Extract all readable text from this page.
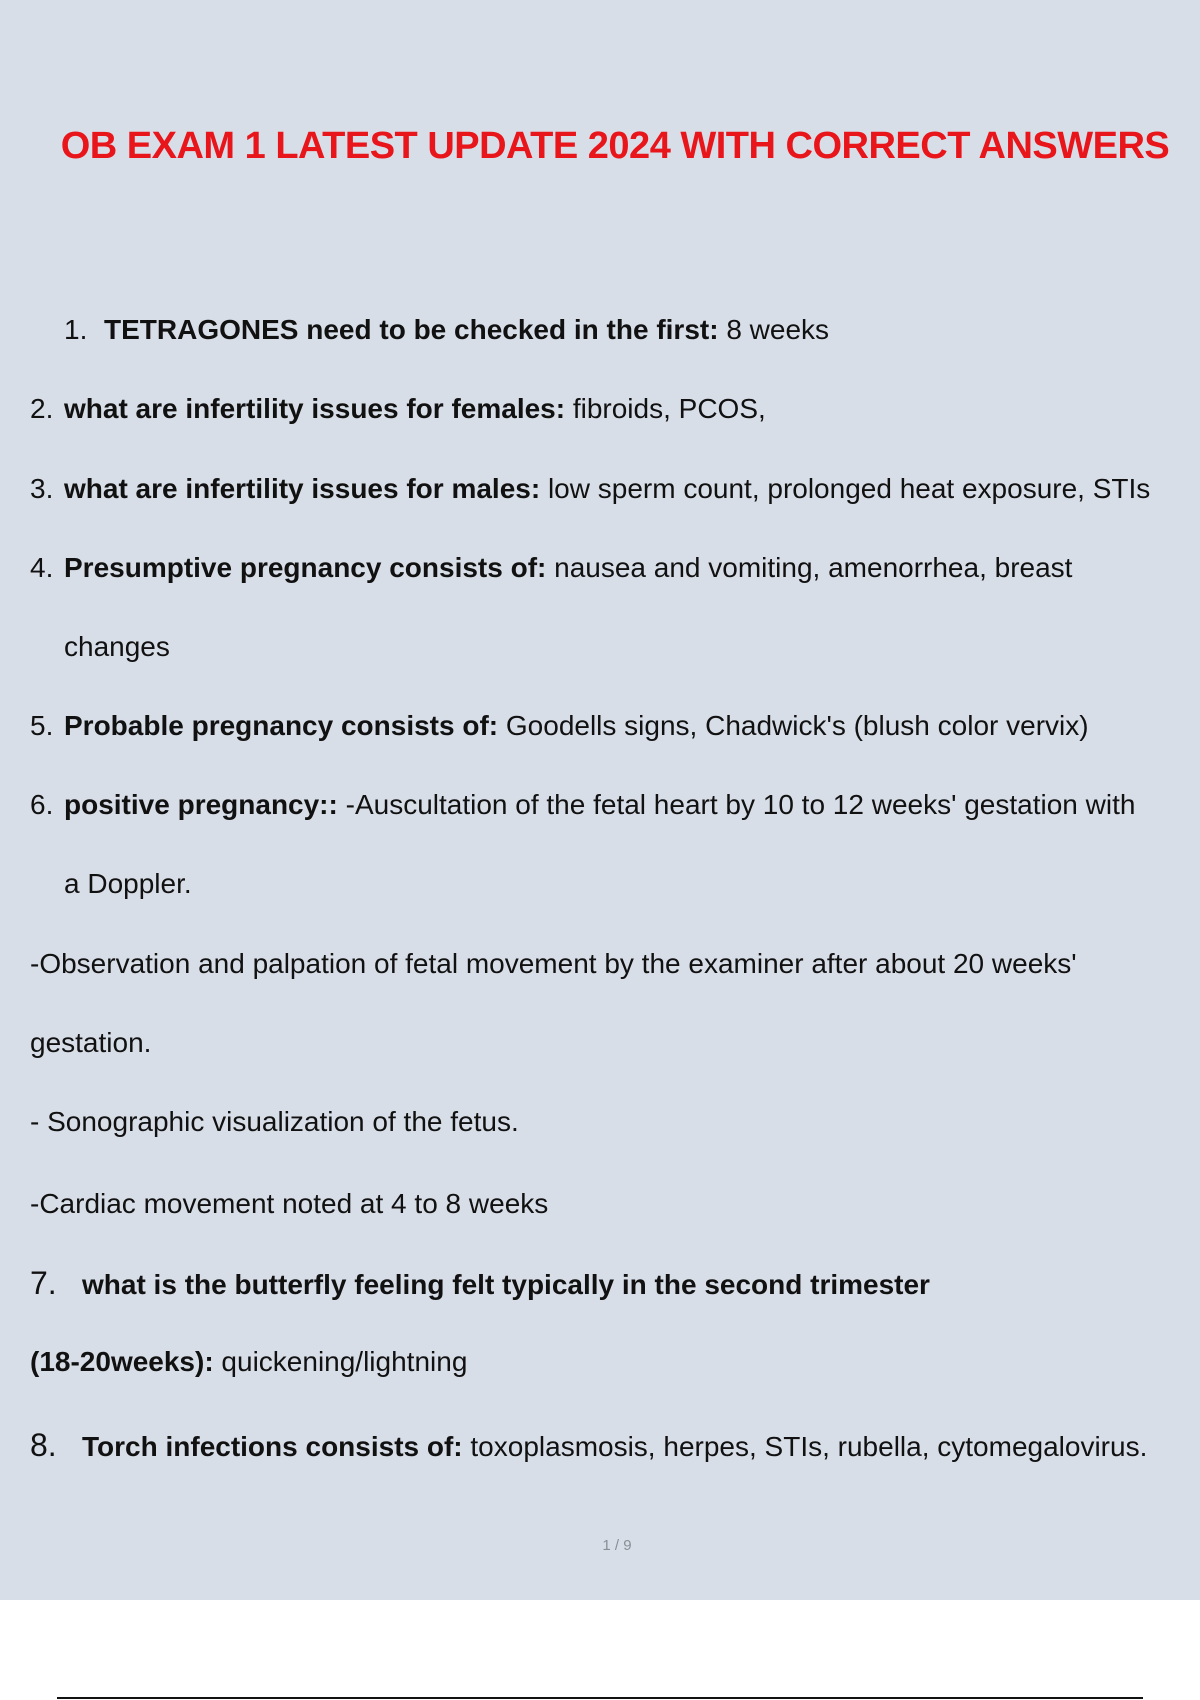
OB EXAM 1 LATEST UPDATE 2024 WITH CORRECT ANSWERS
1. TETRAGONES need to be checked in the first: 8 weeks
2. what are infertility issues for females: fibroids, PCOS,
3. what are infertility issues for males: low sperm count, prolonged heat exposure, STIs
4. Presumptive pregnancy consists of: nausea and vomiting, amenorrhea, breast
changes
5. Probable pregnancy consists of: Goodells signs, Chadwick's (blush color vervix)
6. positive pregnancy:: -Auscultation of the fetal heart by 10 to 12 weeks' gestation with
a Doppler.
-Observation and palpation of fetal movement by the examiner after about 20 weeks'
gestation.
- Sonographic visualization of the fetus.
-Cardiac movement noted at 4 to 8 weeks
7. what is the butterfly feeling felt typically in the second trimester
(18-20weeks): quickening/lightning
8. Torch infections consists of: toxoplasmosis, herpes, STIs, rubella, cytomegalovirus.
1 / 9
